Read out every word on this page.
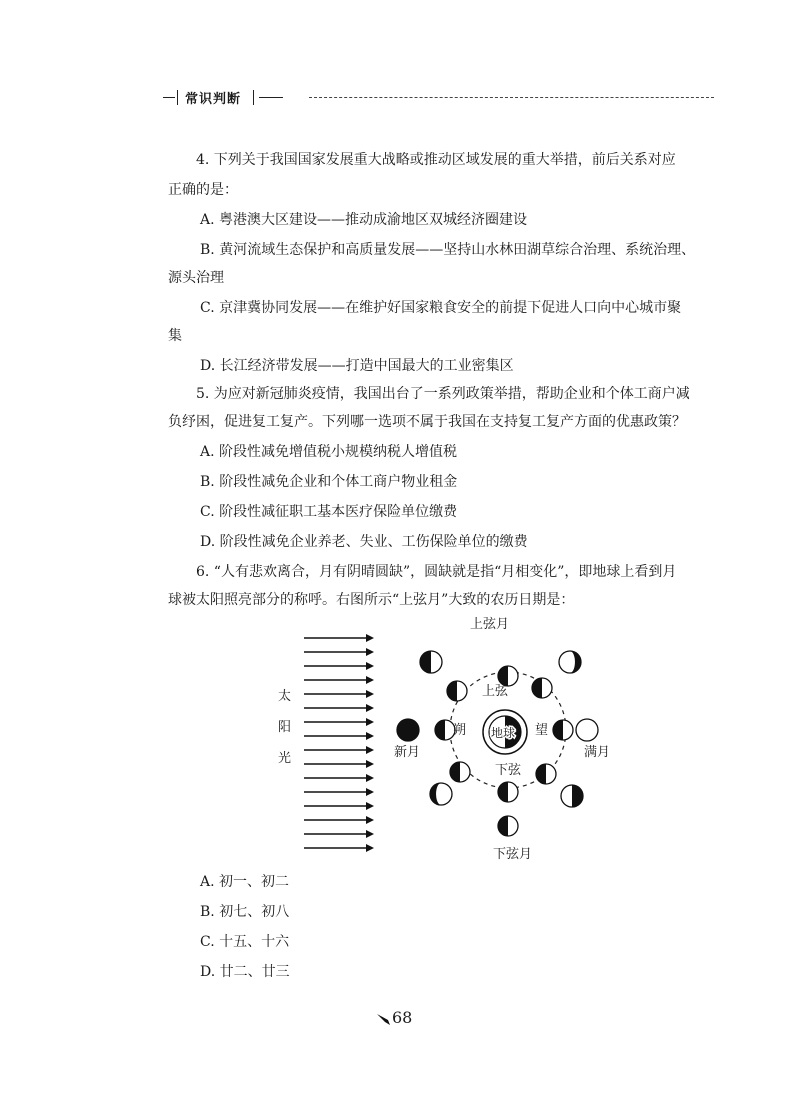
常识判断
4. 下列关于我国国家发展重大战略或推动区域发展的重大举措，前后关系对应
正确的是：
A. 粤港澳大区建设——推动成渝地区双城经济圈建设
B. 黄河流域生态保护和高质量发展——坚持山水林田湖草综合治理、系统治理、
源头治理
C. 京津冀协同发展——在维护好国家粮食安全的前提下促进人口向中心城市聚
集
D. 长江经济带发展——打造中国最大的工业密集区
5. 为应对新冠肺炎疫情，我国出台了一系列政策举措，帮助企业和个体工商户减
负纾困，促进复工复产。下列哪一选项不属于我国在支持复工复产方面的优惠政策？
A. 阶段性减免增值税小规模纳税人增值税
B. 阶段性减免企业和个体工商户物业租金
C. 阶段性减征职工基本医疗保险单位缴费
D. 阶段性减免企业养老、失业、工伤保险单位的缴费
6. “人有悲欢离合，月有阴晴圆缺”，圆缺就是指“月相变化”，即地球上看到月
球被太阳照亮部分的称呼。右图所示“上弦月”大致的农历日期是：
太
阳
光
地球
上弦月
上弦
朔	望
新月	满月
下弦
下弦月
A. 初一、初二
B. 初七、初八
C. 十五、十六
D. 廿二、廿三
68
